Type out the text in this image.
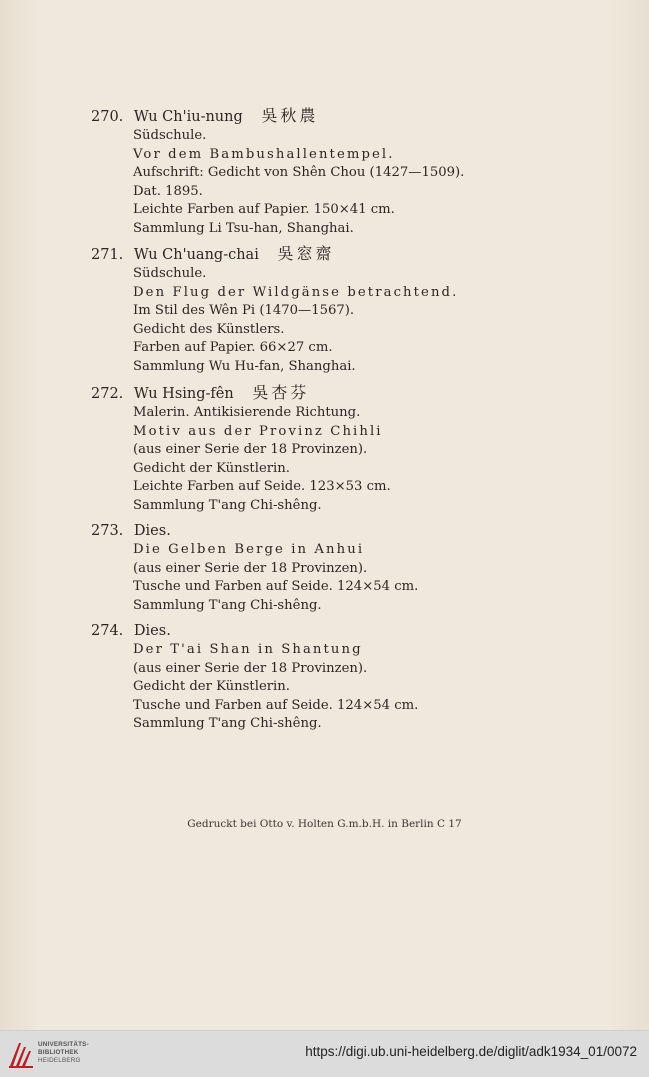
270. Wu Ch'iu-nung 吳秋農
Südschule.
Vor dem Bambushallentempel.
Aufschrift: Gedicht von Shên Chou (1427—1509).
Dat. 1895.
Leichte Farben auf Papier. 150×41 cm.
Sammlung Li Tsu-han, Shanghai.
271. Wu Ch'uang-chai 吳窓齋
Südschule.
Den Flug der Wildgänse betrachtend.
Im Stil des Wên Pi (1470—1567).
Gedicht des Künstlers.
Farben auf Papier. 66×27 cm.
Sammlung Wu Hu-fan, Shanghai.
272. Wu Hsing-fên 吳杏芬
Malerin. Antikisierende Richtung.
Motiv aus der Provinz Chihli
(aus einer Serie der 18 Provinzen).
Gedicht der Künstlerin.
Leichte Farben auf Seide. 123×53 cm.
Sammlung T'ang Chi-shêng.
273. Dies.
Die Gelben Berge in Anhui
(aus einer Serie der 18 Provinzen).
Tusche und Farben auf Seide. 124×54 cm.
Sammlung T'ang Chi-shêng.
274. Dies.
Der T'ai Shan in Shantung
(aus einer Serie der 18 Provinzen).
Gedicht der Künstlerin.
Tusche und Farben auf Seide. 124×54 cm.
Sammlung T'ang Chi-shêng.
Gedruckt bei Otto v. Holten G.m.b.H. in Berlin C 17
UNIVERSITÄTS-
BIBLIOTHEK
HEIDELBERG
https://digi.ub.uni-heidelberg.de/diglit/adk1934_01/0072
